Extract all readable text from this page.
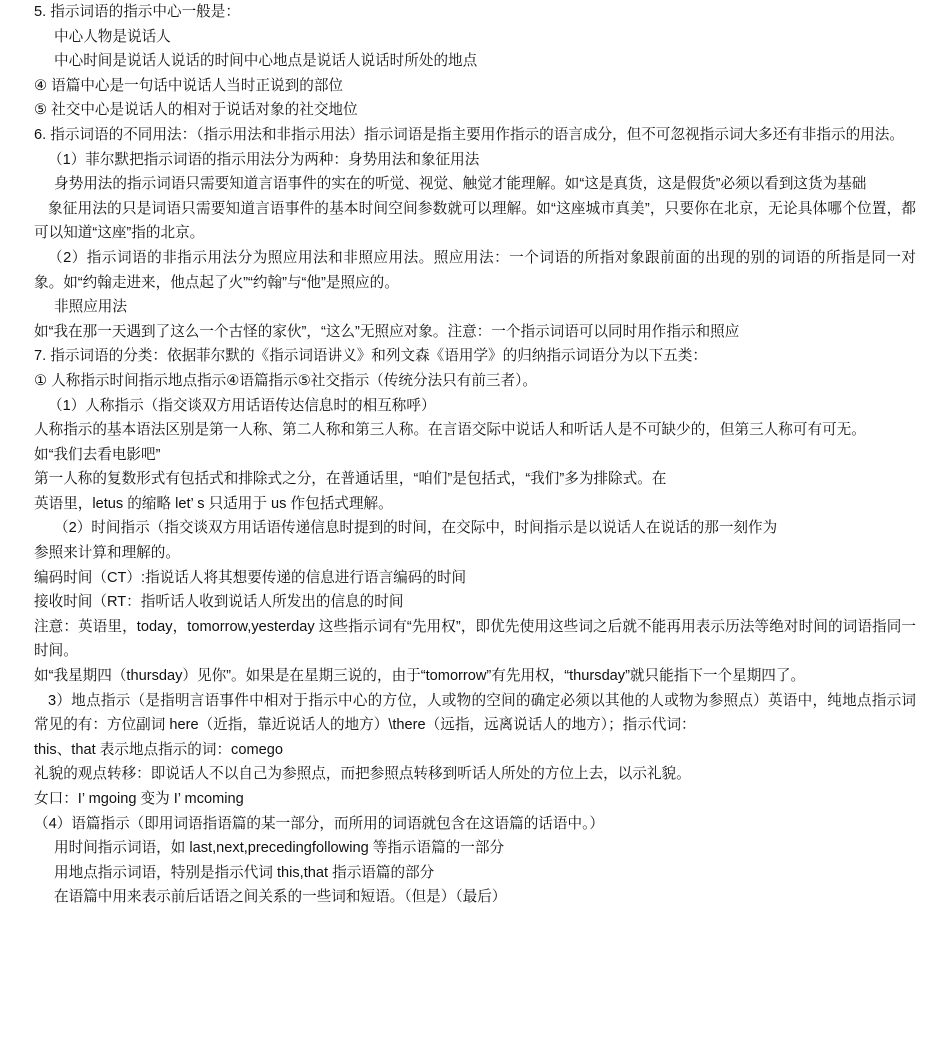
5. 指示词语的指示中心一般是：
中心人物是说话人
中心时间是说话人说话的时间中心地点是说话人说话时所处的地点
④ 语篇中心是一句话中说话人当时正说到的部位
⑤ 社交中心是说话人的相对于说话对象的社交地位
6. 指示词语的不同用法：（指示用法和非指示用法）指示词语是指主要用作指示的语言成分，但不可忽视指示词大多还有非指示的用法。
（1）菲尔默把指示词语的指示用法分为两种：身势用法和象征用法
身势用法的指示词语只需要知道言语事件的实在的听觉、视觉、触觉才能理解。如“这是真货，这是假货”必须以看到这货为基础
象征用法的只是词语只需要知道言语事件的基本时间空间参数就可以理解。如“这座城市真美”，只要你在北京，无论具体哪个位置，都可以知道“这座”指的北京。
（2）指示词语的非指示用法分为照应用法和非照应用法。照应用法：一个词语的所指对象跟前面的出现的别的词语的所指是同一对象。如“约翰走进来，他点起了火”“约翰”与“他”是照应的。
非照应用法
如“我在那一天遇到了这么一个古怪的家伙”，“这么”无照应对象。注意：一个指示词语可以同时用作指示和照应
7. 指示词语的分类：依据菲尔默的《指示词语讲义》和列文森《语用学》的归纳指示词语分为以下五类：
① 人称指示时间指示地点指示④语篇指示⑤社交指示（传统分法只有前三者）。
（1）人称指示（指交谈双方用话语传达信息时的相互称呼）
人称指示的基本语法区别是第一人称、第二人称和第三人称。在言语交际中说话人和听话人是不可缺少的，但第三人称可有可无。
如“我们去看电影吧”
第一人称的复数形式有包括式和排除式之分，在普通话里，“咱们”是包括式，“我们”多为排除式。在
英语里，letus 的缩略 let’ s 只适用于 us 作包括式理解。
（2）时间指示（指交谈双方用话语传递信息时提到的时间，在交际中，时间指示是以说话人在说话的那一刻作为
参照来计算和理解的。
编码时间（CT）:指说话人将其想要传递的信息进行语言编码的时间
接收时间（RT：指听话人收到说话人所发出的信息的时间
注意：英语里，today，tomorrow,yesterday 这些指示词有“先用权”，即优先使用这些词之后就不能再用表示历法等绝对时间的词语指同一时间。
如“我星期四（thursday）见你”。如果是在星期三说的，由于“tomorrow”有先用权，“thursday”就只能指下一个星期四了。
3）地点指示（是指明言语事件中相对于指示中心的方位，人或物的空间的确定必须以其他的人或物为参照点）英语中，纯地点指示词常见的有：方位副词 here（近指，靠近说话人的地方）\there（远指，远离说话人的地方）；指示代词：
this、that 表示地点指示的词：comego
礼貌的观点转移：即说话人不以自己为参照点，而把参照点转移到听话人所处的方位上去，以示礼貌。
女口：I’ mgoing 变为 I’ mcoming
（4）语篇指示（即用词语指语篇的某一部分，而所用的词语就包含在这语篇的话语中。）
用时间指示词语，如 last,next,precedingfollowing 等指示语篇的一部分
用地点指示词语，特别是指示代词 this,that 指示语篇的部分
在语篇中用来表示前后话语之间关系的一些词和短语。（但是）（最后）
